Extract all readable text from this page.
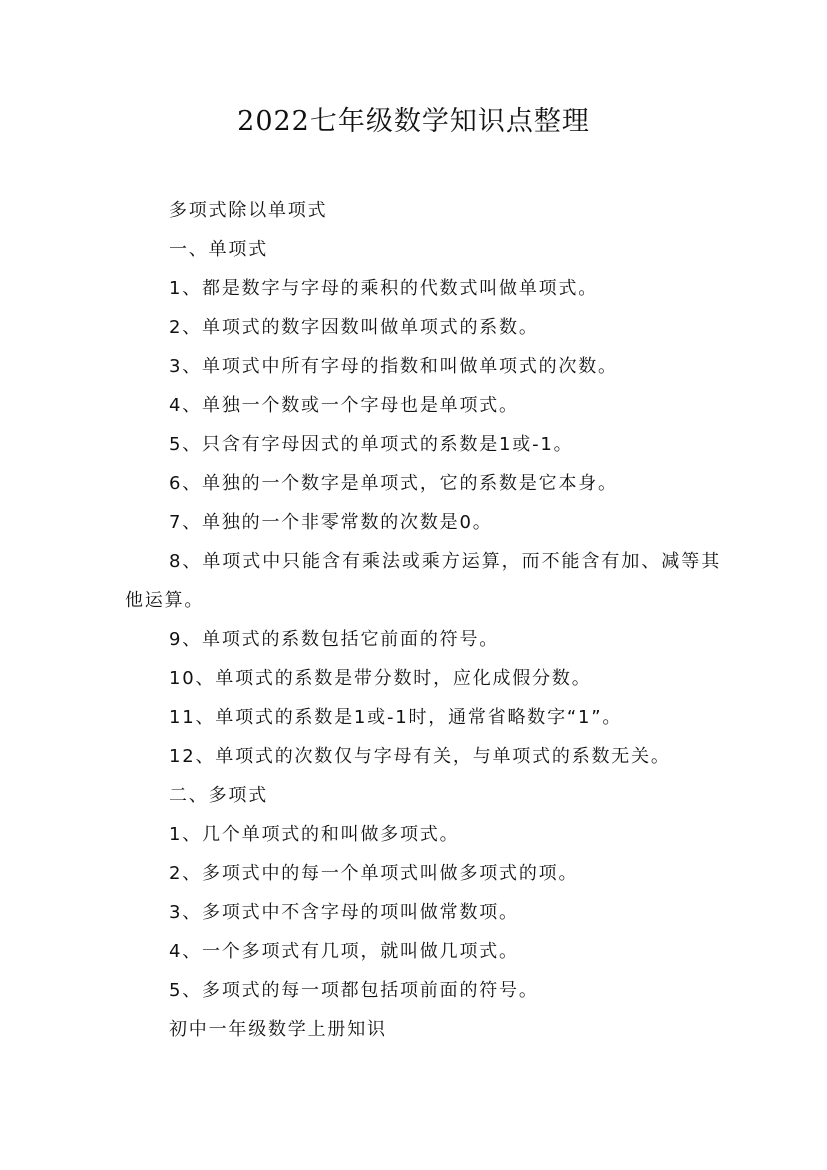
2022七年级数学知识点整理

多项式除以单项式

一、单项式

1、都是数字与字母的乘积的代数式叫做单项式。

2、单项式的数字因数叫做单项式的系数。

3、单项式中所有字母的指数和叫做单项式的次数。

4、单独一个数或一个字母也是单项式。

5、只含有字母因式的单项式的系数是1或-1。

6、单独的一个数字是单项式，它的系数是它本身。

7、单独的一个非零常数的次数是0。

8、单项式中只能含有乘法或乘方运算，而不能含有加、减等其他运算。

9、单项式的系数包括它前面的符号。

10、单项式的系数是带分数时，应化成假分数。

11、单项式的系数是1或-1时，通常省略数字“1”。

12、单项式的次数仅与字母有关，与单项式的系数无关。

二、多项式

1、几个单项式的和叫做多项式。

2、多项式中的每一个单项式叫做多项式的项。

3、多项式中不含字母的项叫做常数项。

4、一个多项式有几项，就叫做几项式。

5、多项式的每一项都包括项前面的符号。

初中一年级数学上册知识
